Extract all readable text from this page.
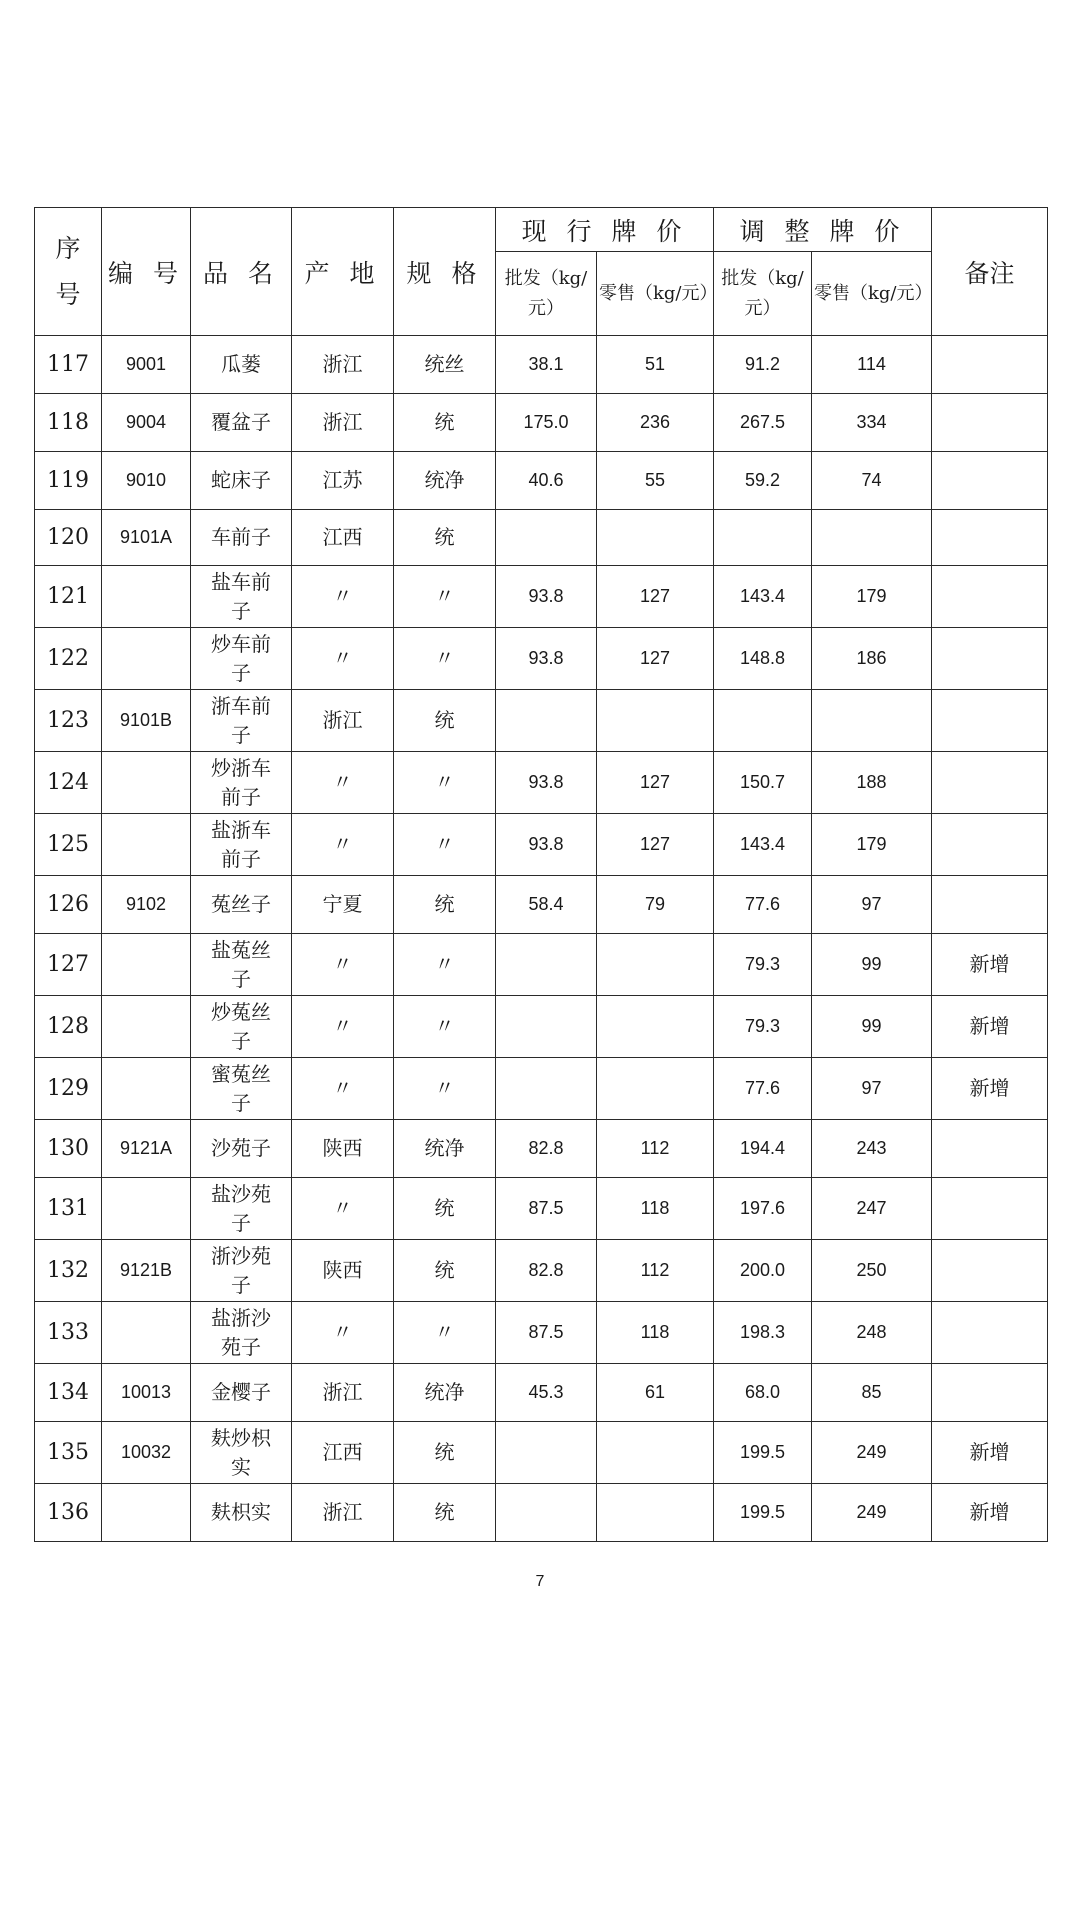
序号	编 号	品 名	产 地	规 格	现 行 牌 价		调 整 牌 价		备注
					批发（kg/元）	零售（kg/元）	批发（kg/元）	零售（kg/元）	
117	9001	瓜蒌	浙江	统丝	38.1	51	91.2	114	
118	9004	覆盆子	浙江	统	175.0	236	267.5	334	
119	9010	蛇床子	江苏	统净	40.6	55	59.2	74	
120	9101A	车前子	江西	统					
121		盐车前子	〃	〃	93.8	127	143.4	179	
122		炒车前子	〃	〃	93.8	127	148.8	186	
123	9101B	浙车前子	浙江	统					
124		炒浙车前子	〃	〃	93.8	127	150.7	188	
125		盐浙车前子	〃	〃	93.8	127	143.4	179	
126	9102	菟丝子	宁夏	统	58.4	79	77.6	97	
127		盐菟丝子	〃	〃			79.3	99	新增
128		炒菟丝子	〃	〃			79.3	99	新增
129		蜜菟丝子	〃	〃			77.6	97	新增
130	9121A	沙苑子	陕西	统净	82.8	112	194.4	243	
131		盐沙苑子	〃	统	87.5	118	197.6	247	
132	9121B	浙沙苑子	陕西	统	82.8	112	200.0	250	
133		盐浙沙苑子	〃	〃	87.5	118	198.3	248	
134	10013	金樱子	浙江	统净	45.3	61	68.0	85	
135	10032	麸炒枳实	江西	统			199.5	249	新增
136		麸枳实	浙江	统			199.5	249	新增
7
